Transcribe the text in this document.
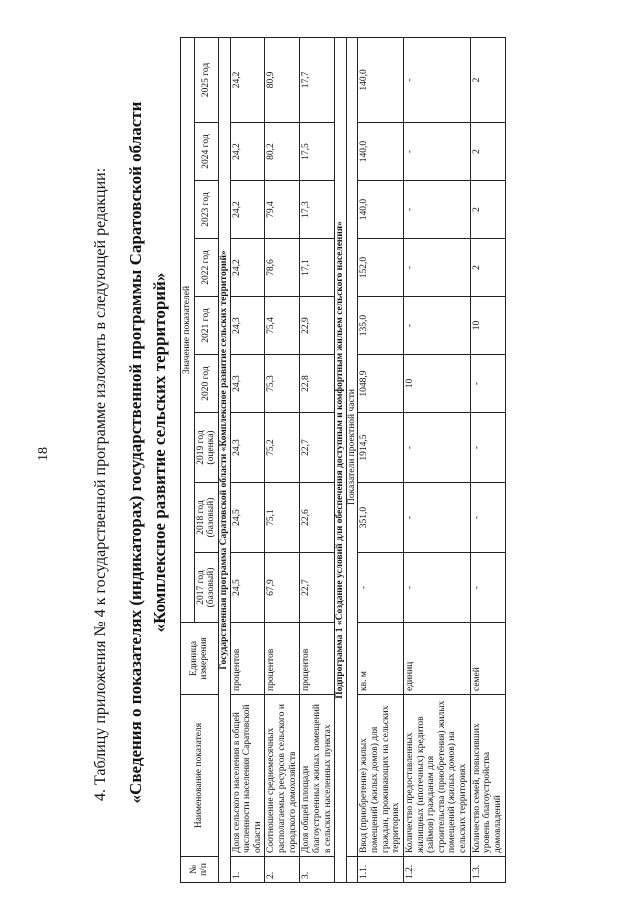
18	4. Таблицу приложения № 4 к государственной программе изложить в следующей редакции: «Сведения о показателях (индикаторах) государственной программы Саратовской области «Комплексное развитие сельских территорий»
№ п/п	Наименование показателя	Единица измерения	Значение показателей								
			2017 год (базовый)	2018 год (базовый)	2019 год (оценка)	2020 год	2021 год	2022 год	2023 год	2024 год	2025 год
Государственная программа Саратовской области «Комплексное развитие сельских территорий»											
1.	Доля сельского населения в общей численности населения Саратовской области	процентов	24,5	24,5	24,3	24,3	24,3	24,2	24,2	24,2	24,2
2.	Соотношение среднемесячных располагаемых ресурсов сельского и городского домохозяйств	процентов	67,9	75,1	75,2	75,3	75,4	78,6	79,4	80,2	80,9
3.	Доля общей площади благоустроенных жилых помещений в сельских населенных пунктах	процентов	22,7	22,6	22,7	22,8	22,9	17,1	17,3	17,5	17,7
Подпрограмма 1 «Создание условий для обеспечения доступным и комфортным жильем сельского населения»											
	Показатели проектной части										
1.1.	Ввод (приобретение) жилых помещений (жилых домов) для граждан, проживающих на сельских территориях	кв. м	-	351,0	1914,5	1048,9	135,0	152,0	140,0	140,0	140,0
1.2.	Количество предоставленных жилищных (ипотечных) кредитов (займов) гражданам для строительства (приобретения) жилых помещений (жилых домов) на сельских территориях	единиц	-	-	-	10	-	-	-	-	-
1.3.	Количество семей, повысивших уровень благоустройства домовладений	семей	-	-	-	-	10	2	2	2	2
